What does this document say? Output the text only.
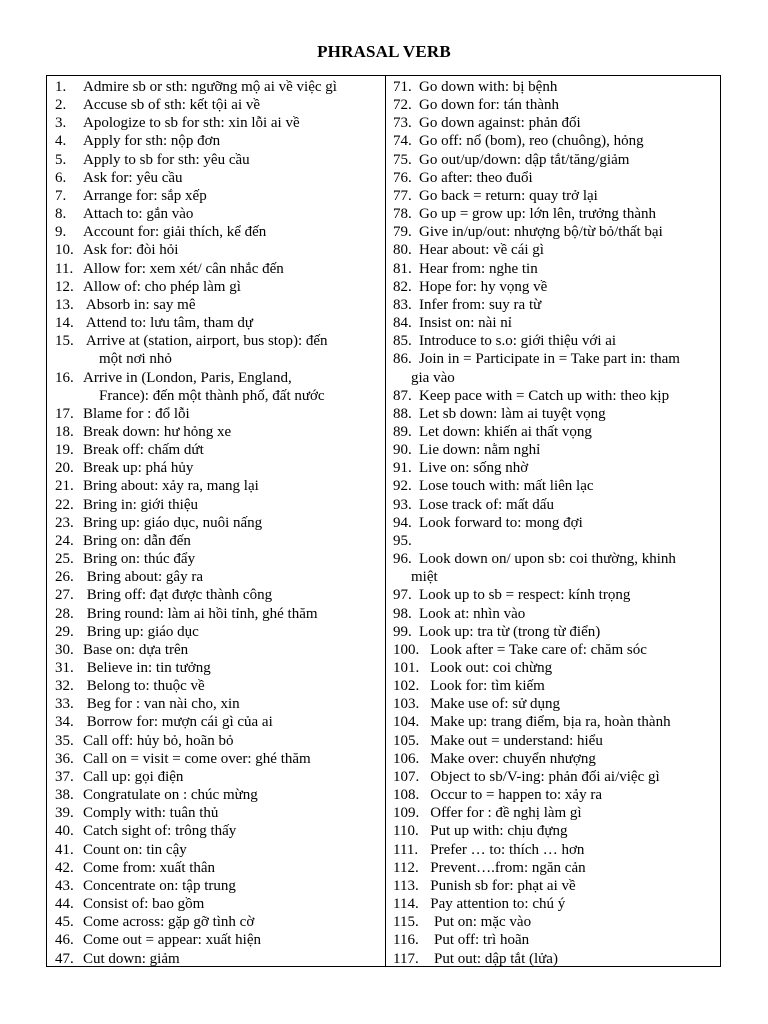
PHRASAL VERB
1. Admire sb or sth: ngưỡng mộ ai về việc gì
2. Accuse sb of sth: kết tội ai về
3. Apologize to sb for sth: xin lỗi ai về
4. Apply for sth: nộp đơn
5. Apply to sb for sth: yêu cầu
6. Ask for: yêu cầu
7. Arrange for: sắp xếp
8. Attach to: gắn vào
9. Account for: giải thích, kể đến
10. Ask for: đòi hỏi
11. Allow for: xem xét/ cân nhắc đến
12. Allow of: cho phép làm gì
13. Absorb in: say mê
14. Attend to: lưu tâm, tham dự
15. Arrive at (station, airport, bus stop): đến
một nơi nhỏ
16. Arrive in (London, Paris, England,
France): đến một thành phố, đất nước
17. Blame for : đổ lỗi
18. Break down: hư hỏng xe
19. Break off: chấm dứt
20. Break up: phá hủy
21. Bring about: xảy ra, mang lại
22. Bring in: giới thiệu
23. Bring up: giáo dục, nuôi nấng
24. Bring on: dẫn đến
25. Bring on: thúc đẩy
26. Bring about: gây ra
27. Bring off: đạt được thành công
28. Bring round: làm ai hồi tỉnh, ghé thăm
29. Bring up: giáo dục
30. Base on: dựa trên
31. Believe in: tin tưởng
32. Belong to: thuộc về
33. Beg for : van nài cho, xin
34. Borrow for: mượn cái gì của ai
35. Call off: hủy bỏ, hoãn bỏ
36. Call on = visit = come over: ghé thăm
37. Call up: gọi điện
38. Congratulate on : chúc mừng
39. Comply with: tuân thủ
40. Catch sight of: trông thấy
41. Count on: tin cậy
42. Come from: xuất thân
43. Concentrate on: tập trung
44. Consist of: bao gồm
45. Come across: gặp gỡ tình cờ
46. Come out = appear: xuất hiện
47. Cut down: giảm
71. Go down with: bị bệnh
72. Go down for: tán thành
73. Go down against: phản đối
74. Go off: nổ (bom), reo (chuông), hỏng
75. Go out/up/down: dập tắt/tăng/giảm
76. Go after: theo đuổi
77. Go back = return: quay trở lại
78. Go up = grow up: lớn lên, trưởng thành
79. Give in/up/out: nhượng bộ/từ bỏ/thất bại
80. Hear about: về cái gì
81. Hear from: nghe tin
82. Hope for: hy vọng về
83. Infer from: suy ra từ
84. Insist on: nài nỉ
85. Introduce to s.o: giới thiệu với ai
86. Join in = Participate in = Take part in: tham
gia vào
87. Keep pace with = Catch up with: theo kịp
88. Let sb down: làm ai tuyệt vọng
89. Let down: khiến ai thất vọng
90. Lie down: nằm nghỉ
91. Live on: sống nhờ
92. Lose touch with: mất liên lạc
93. Lose track of: mất dấu
94. Look forward to: mong đợi
95.
96. Look down on/ upon sb: coi thường, khinh
miệt
97. Look up to sb = respect: kính trọng
98. Look at: nhìn vào
99. Look up: tra từ (trong từ điển)
100.   Look after = Take care of: chăm sóc
101.   Look out: coi chừng
102.   Look for: tìm kiếm
103.   Make use of: sử dụng
104.   Make up: trang điểm, bịa ra, hoàn thành
105.   Make out = understand: hiểu
106.   Make over: chuyển nhượng
107.   Object to sb/V-ing: phản đối ai/việc gì
108.   Occur to = happen to: xảy ra
109.   Offer for : đề nghị làm gì
110.   Put up with: chịu đựng
111.   Prefer … to: thích … hơn
112.   Prevent….from: ngăn cản
113.   Punish sb for: phạt ai về
114.   Pay attention to: chú ý
115.    Put on: mặc vào
116.    Put off: trì hoãn
117.    Put out: dập tắt (lửa)
